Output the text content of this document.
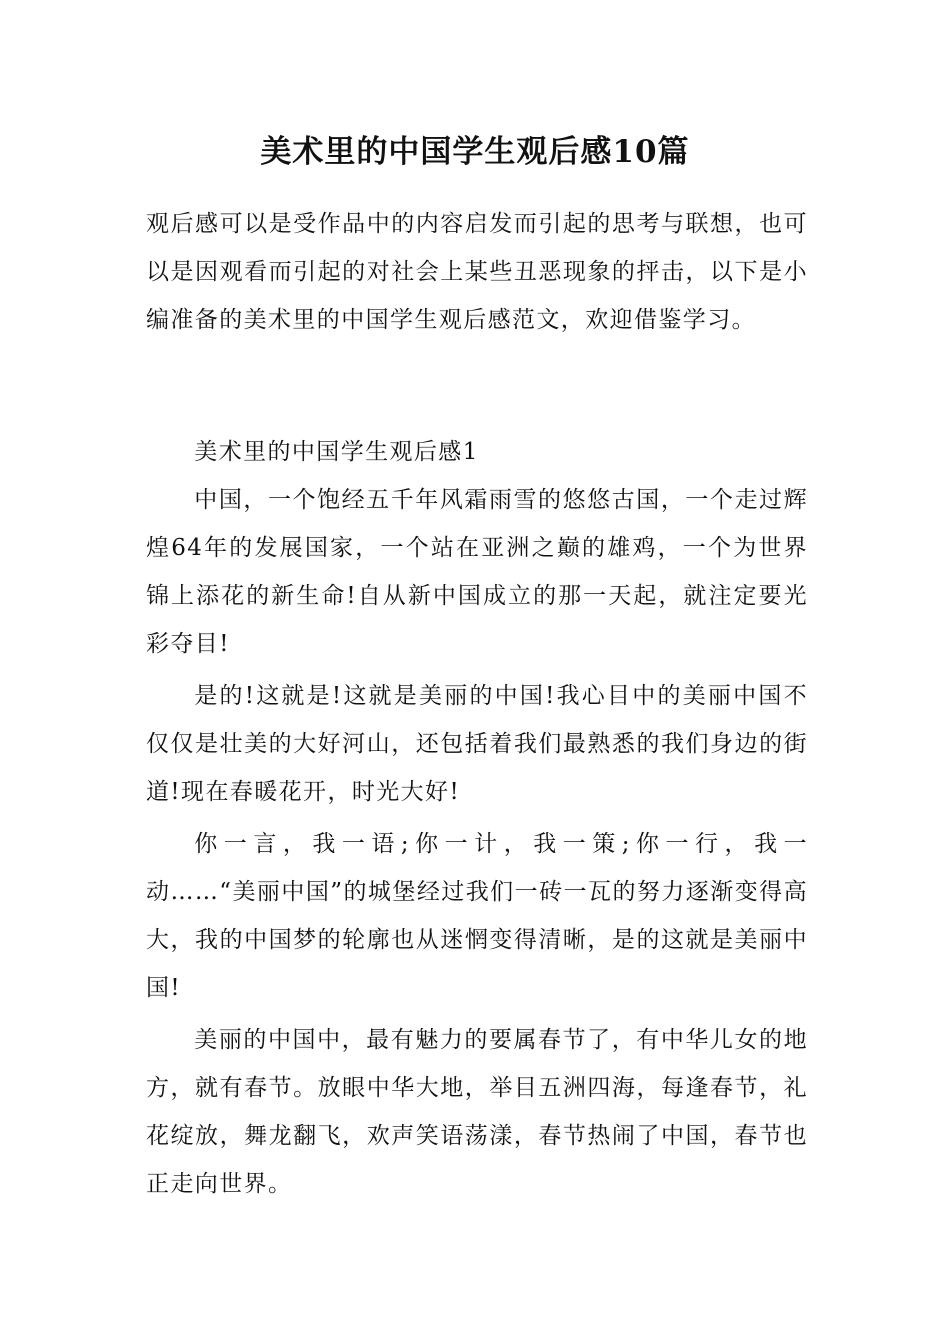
美术里的中国学生观后感10篇

观后感可以是受作品中的内容启发而引起的思考与联想，也可以是因观看而引起的对社会上某些丑恶现象的抨击，以下是小编准备的美术里的中国学生观后感范文，欢迎借鉴学习。

美术里的中国学生观后感1

中国，一个饱经五千年风霜雨雪的悠悠古国，一个走过辉煌64年的发展国家，一个站在亚洲之巅的雄鸡，一个为世界锦上添花的新生命!自从新中国成立的那一天起，就注定要光彩夺目!

是的!这就是!这就是美丽的中国!我心目中的美丽中国不仅仅是壮美的大好河山，还包括着我们最熟悉的我们身边的街道!现在春暖花开，时光大好!

你一言，我一语;你一计，我一策;你一行，我一动……“美丽中国”的城堡经过我们一砖一瓦的努力逐渐变得高大，我的中国梦的轮廓也从迷惘变得清晰，是的这就是美丽中国!

美丽的中国中，最有魅力的要属春节了，有中华儿女的地方，就有春节。放眼中华大地，举目五洲四海，每逢春节，礼花绽放，舞龙翻飞，欢声笑语荡漾，春节热闹了中国，春节也正走向世界。
